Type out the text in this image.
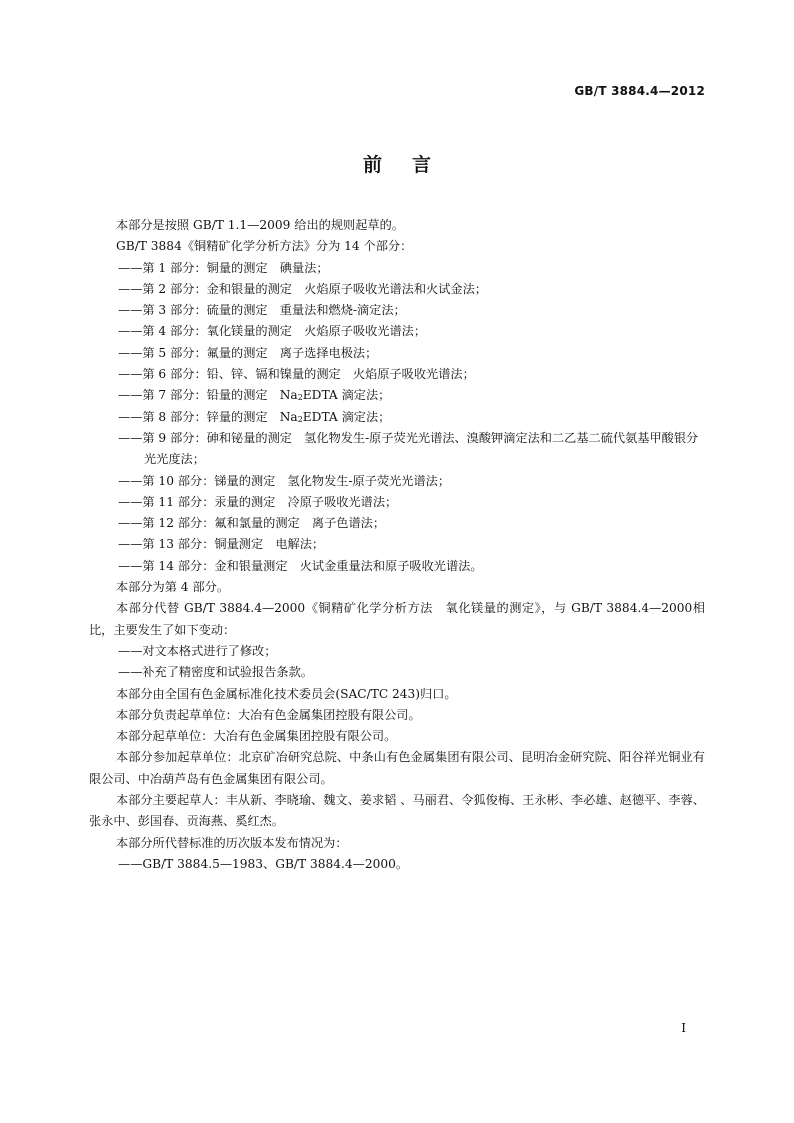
GB/T 3884.4—2012
前言

本部分是按照 GB/T 1.1—2009 给出的规则起草的。

GB/T 3884《铜精矿化学分析方法》分为 14 个部分：

——第 1 部分：铜量的测定　碘量法；

——第 2 部分：金和银量的测定　火焰原子吸收光谱法和火试金法；

——第 3 部分：硫量的测定　重量法和燃烧-滴定法；

——第 4 部分：氧化镁量的测定　火焰原子吸收光谱法；

——第 5 部分：氟量的测定　离子选择电极法；

——第 6 部分：铅、锌、镉和镍量的测定　火焰原子吸收光谱法；

——第 7 部分：铅量的测定　$Na_2EDTA$ 滴定法；

——第 8 部分：锌量的测定　$Na_2EDTA$ 滴定法；

——第 9 部分：砷和铋量的测定　氢化物发生-原子荧光光谱法、溴酸钾滴定法和二乙基二硫代氨基甲酸银分光光度法；

——第 10 部分：锑量的测定　氢化物发生-原子荧光光谱法；

——第 11 部分：汞量的测定　冷原子吸收光谱法；

——第 12 部分：氟和氯量的测定　离子色谱法；

——第 13 部分：铜量测定　电解法；

——第 14 部分：金和银量测定　火试金重量法和原子吸收光谱法。

本部分为第 4 部分。

本部分代替 GB/T 3884.4—2000《铜精矿化学分析方法　氧化镁量的测定》，与 GB/T 3884.4—2000相比，主要发生了如下变动：

——对文本格式进行了修改；

——补充了精密度和试验报告条款。

本部分由全国有色金属标准化技术委员会(SAC/TC 243)归口。

本部分负责起草单位：大冶有色金属集团控股有限公司。

本部分起草单位：大冶有色金属集团控股有限公司。

本部分参加起草单位：北京矿冶研究总院、中条山有色金属集团有限公司、昆明冶金研究院、阳谷祥光铜业有限公司、中冶葫芦岛有色金属集团有限公司。

本部分主要起草人：丰从新、李晓瑜、魏文、姜求韬 、马丽君、令狐俊梅、王永彬、李必雄、赵德平、李蓉、张永中、彭国春、贡海燕、奚红杰。

本部分所代替标准的历次版本发布情况为：

——GB/T 3884.5—1983、GB/T 3884.4—2000。

I
